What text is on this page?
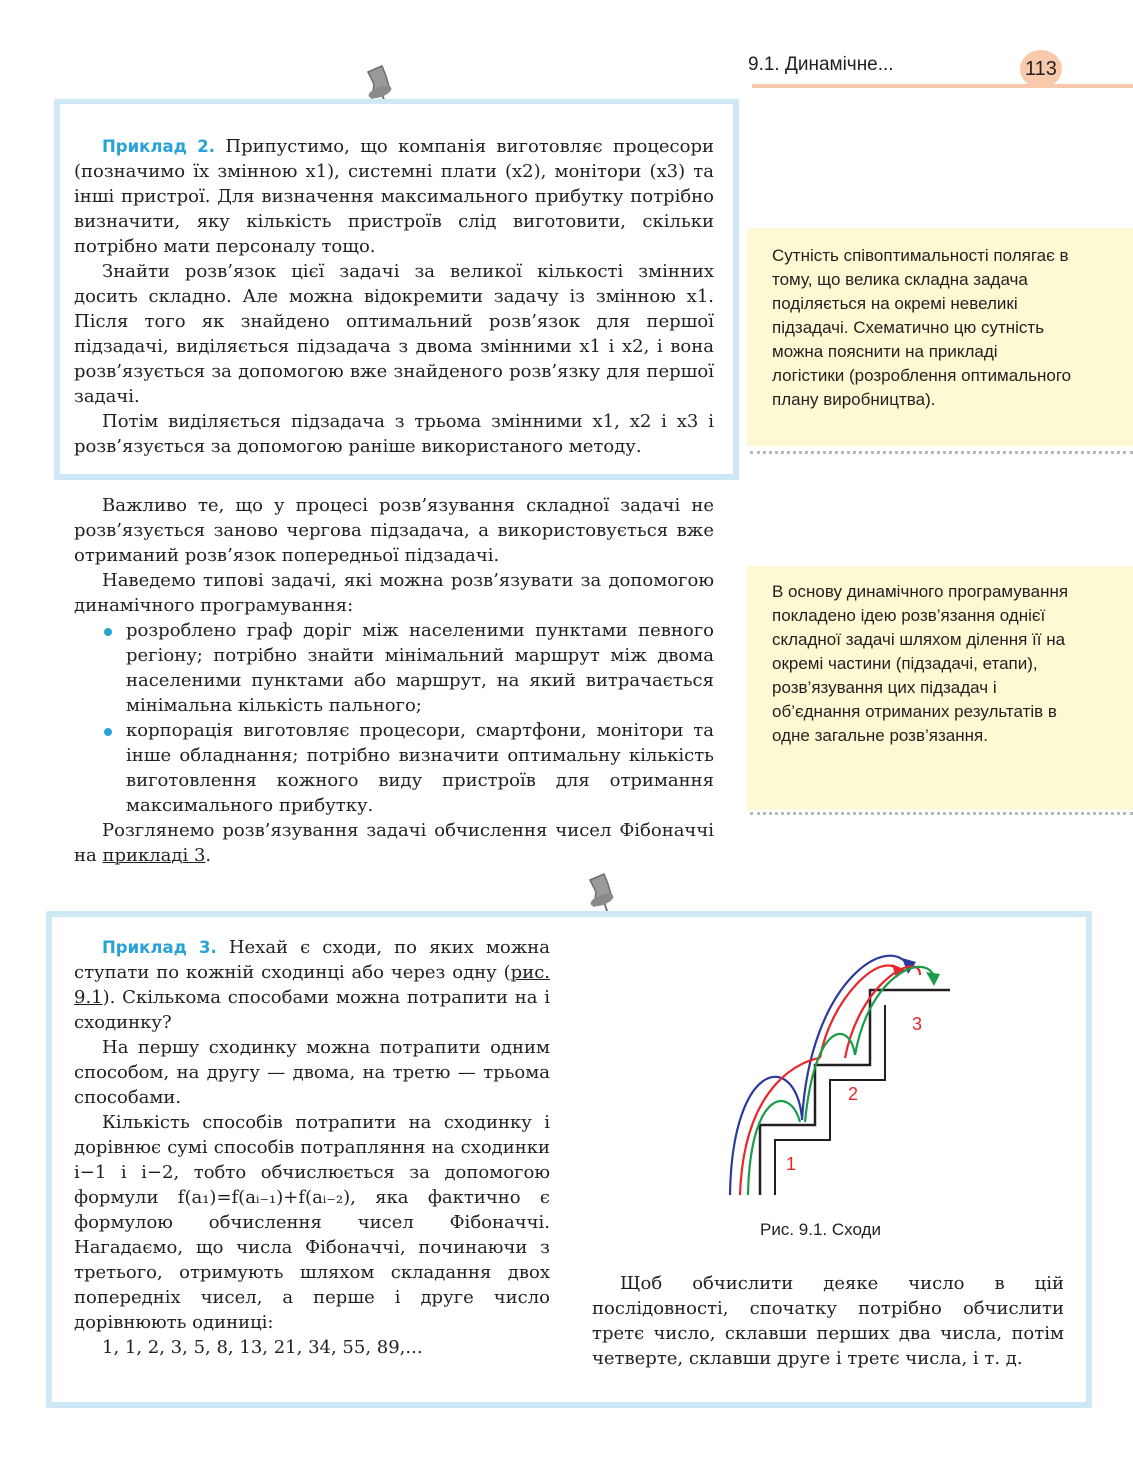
9.1. Динамічне...	113

Приклад 2. Припустимо, що компанія виготовляє процесори (позначимо їх змінною x1), системні плати (x2), монітори (x3) та інші пристрої. Для визначення максимального прибутку потрібно визначити, яку кількість пристроїв слід виготовити, скільки потрібно мати персоналу тощо.

Знайти розв’язок цієї задачі за великої кількості змінних досить складно. Але можна відокремити задачу із змінною x1. Після того як знайдено оптимальний розв’язок для першої підзадачі, виділяється підзадача з двома змінними x1 і x2, і вона розв’язується за допомогою вже знайденого розв’язку для першої задачі.

Потім виділяється підзадача з трьома змінними x1, x2 і x3 і розв’язується за допомогою раніше використаного методу.

Сутність співоптимальності полягає в тому, що велика складна задача поділяється на окремі невеликі підзадачі. Схематично цю сутність можна пояснити на прикладі логістики (розроблення оптимального плану виробництва).

Важливо те, що у процесі розв’язування складної задачі не розв’язується заново чергова підзадача, а використовується вже отриманий розв’язок попередньої підзадачі.

Наведемо типові задачі, які можна розв’язувати за допомогою динамічного програмування:

розроблено граф доріг між населеними пунктами певного регіону; потрібно знайти мінімальний маршрут між двома населеними пунктами або маршрут, на який витрачається мінімальна кількість пального;
корпорація виготовляє процесори, смартфони, монітори та інше обладнання; потрібно визначити оптимальну кількість виготовлення кожного виду пристроїв для отримання максимального прибутку.

Розглянемо розв’язування задачі обчислення чисел Фібоначчі на прикладі 3.

В основу динамічного програмування покладено ідею розв’язання однієї складної задачі шляхом ділення її на окремі частини (підзадачі, етапи), розв’язування цих підзадач і об’єднання отриманих результатів в одне загальне розв’язання.

Приклад 3. Нехай є сходи, по яких можна ступати по кожній сходинці або через одну (рис. 9.1). Скількома способами можна потрапити на i сходинку?

На першу сходинку можна потрапити одним способом, на другу — двома, на третю — трьома способами.

Кількість способів потрапити на сходинку i дорівнює сумі способів потрапляння на сходинки i−1 і i−2, тобто обчислюється за допомогою формули f(a₁)=f(aᵢ₋₁)+f(aᵢ₋₂), яка фактично є формулою обчислення чисел Фібоначчі. Нагадаємо, що числа Фібоначчі, починаючи з третього, отримують шляхом складання двох попередніх чисел, а перше і друге число дорівнюють одиниці:

1, 1, 2, 3, 5, 8, 13, 21, 34, 55, 89,...

1
2
3
Рис. 9.1. Сходи

Щоб обчислити деяке число в цій послідовності, спочатку потрібно обчислити третє число, склавши перших два числа, потім четверте, склавши друге і третє числа, і т. д.
